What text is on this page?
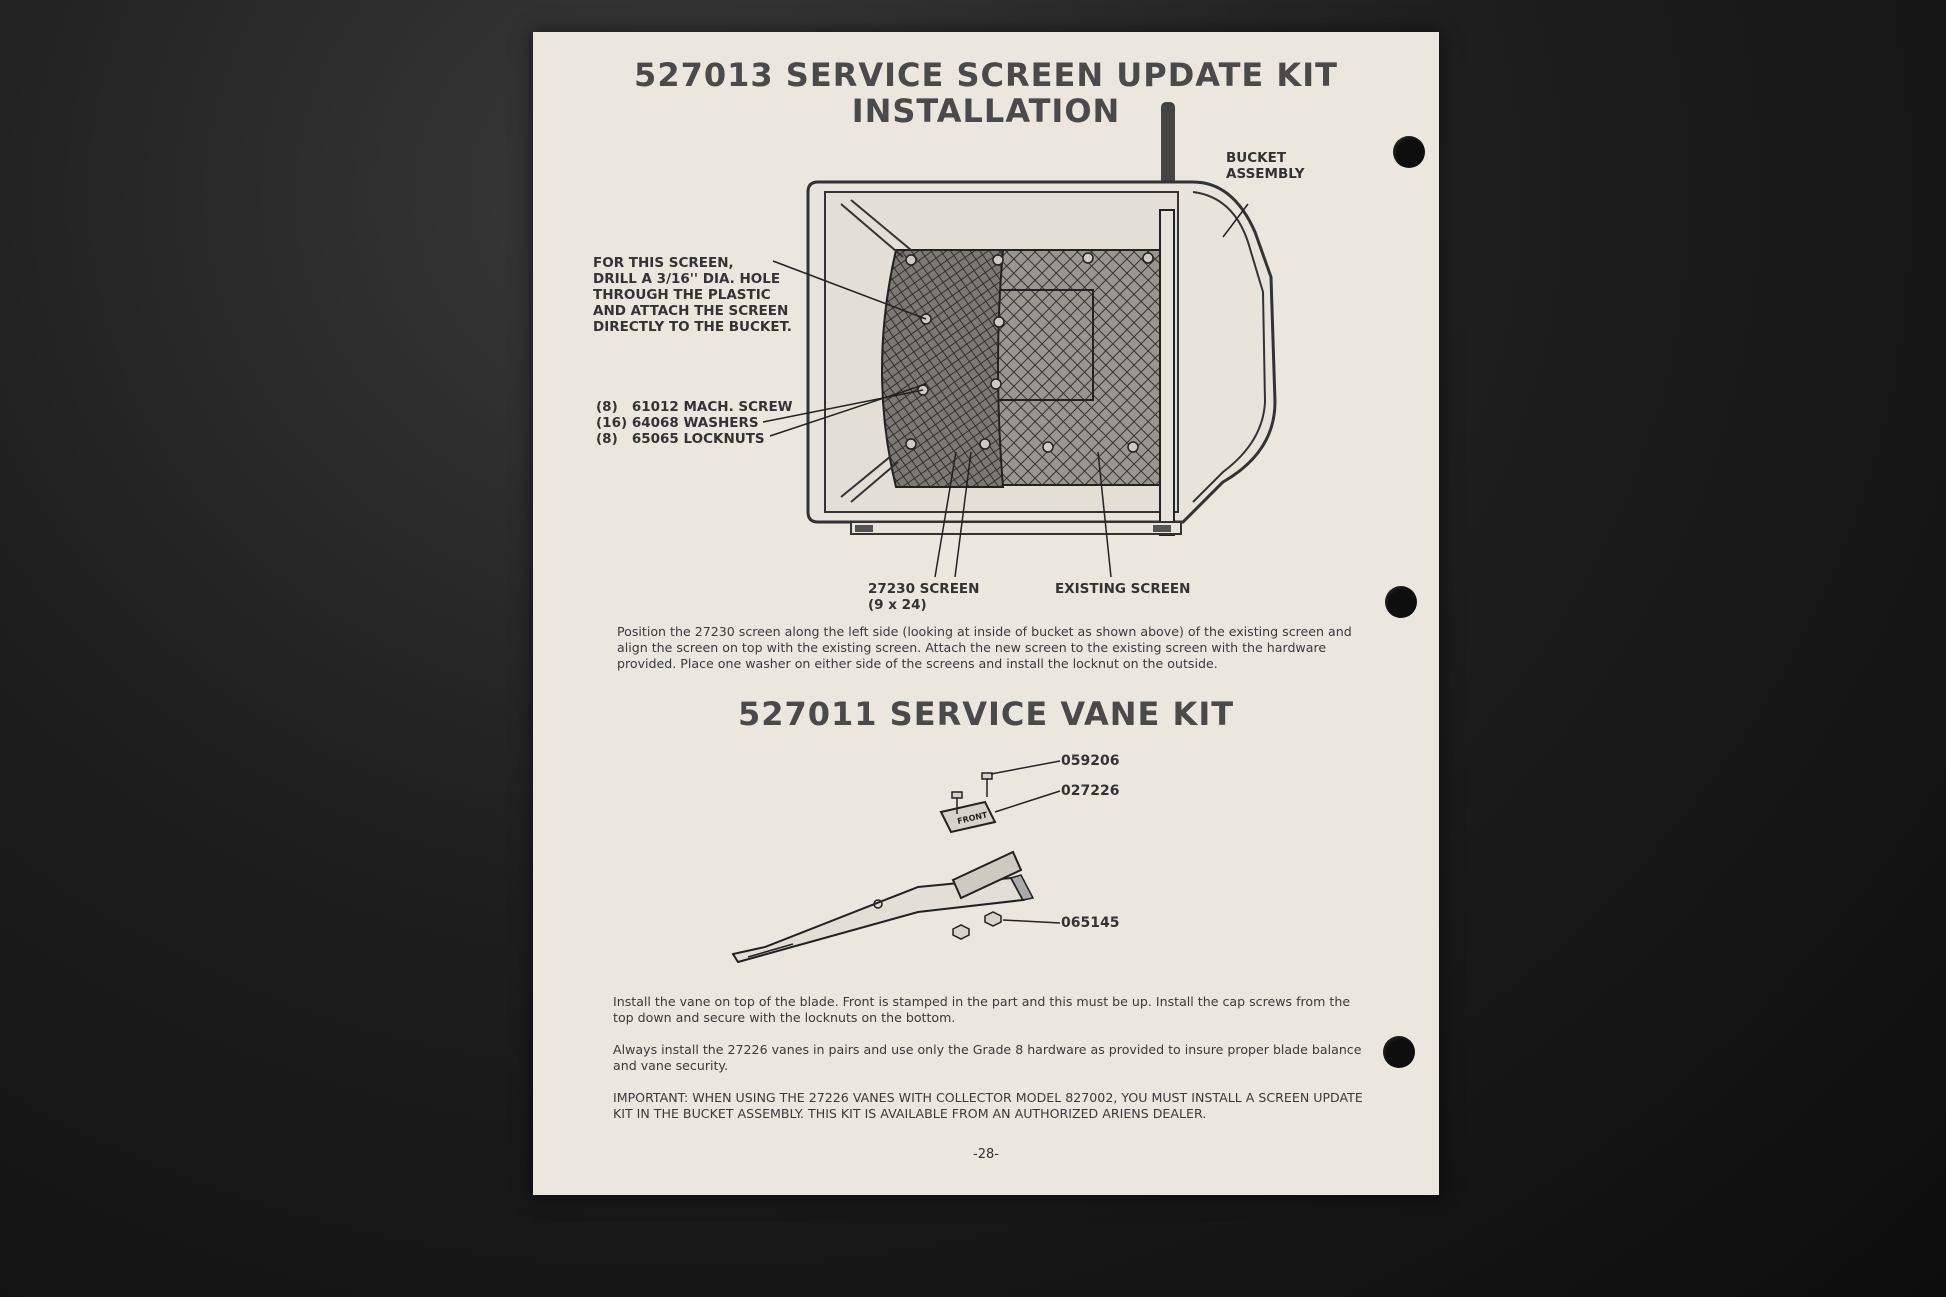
527013 SERVICE SCREEN UPDATE KIT
INSTALLATION

BUCKET
ASSEMBLY

FOR THIS SCREEN,
DRILL A 3/16'' DIA. HOLE
THROUGH THE PLASTIC
AND ATTACH THE SCREEN
DIRECTLY TO THE BUCKET.

(8)   61012 MACH. SCREW
(16) 64068 WASHERS
(8)   65065 LOCKNUTS

27230 SCREEN
(9 x 24)

EXISTING SCREEN

Position the 27230 screen along the left side (looking at inside of bucket as shown above) of the existing screen and align the screen on top with the existing screen. Attach the new screen to the existing screen with the hardware provided. Place one washer on either side of the screens and install the locknut on the outside.

527011 SERVICE VANE KIT
FRONT

059206

027226

065145

Install the vane on top of the blade. Front is stamped in the part and this must be up. Install the cap screws from the top down and secure with the locknuts on the bottom.

Always install the 27226 vanes in pairs and use only the Grade 8 hardware as provided to insure proper blade balance and vane security.

IMPORTANT: WHEN USING THE 27226 VANES WITH COLLECTOR MODEL 827002, YOU MUST INSTALL A SCREEN UPDATE KIT IN THE BUCKET ASSEMBLY. THIS KIT IS AVAILABLE FROM AN AUTHORIZED ARIENS DEALER.

-28-
